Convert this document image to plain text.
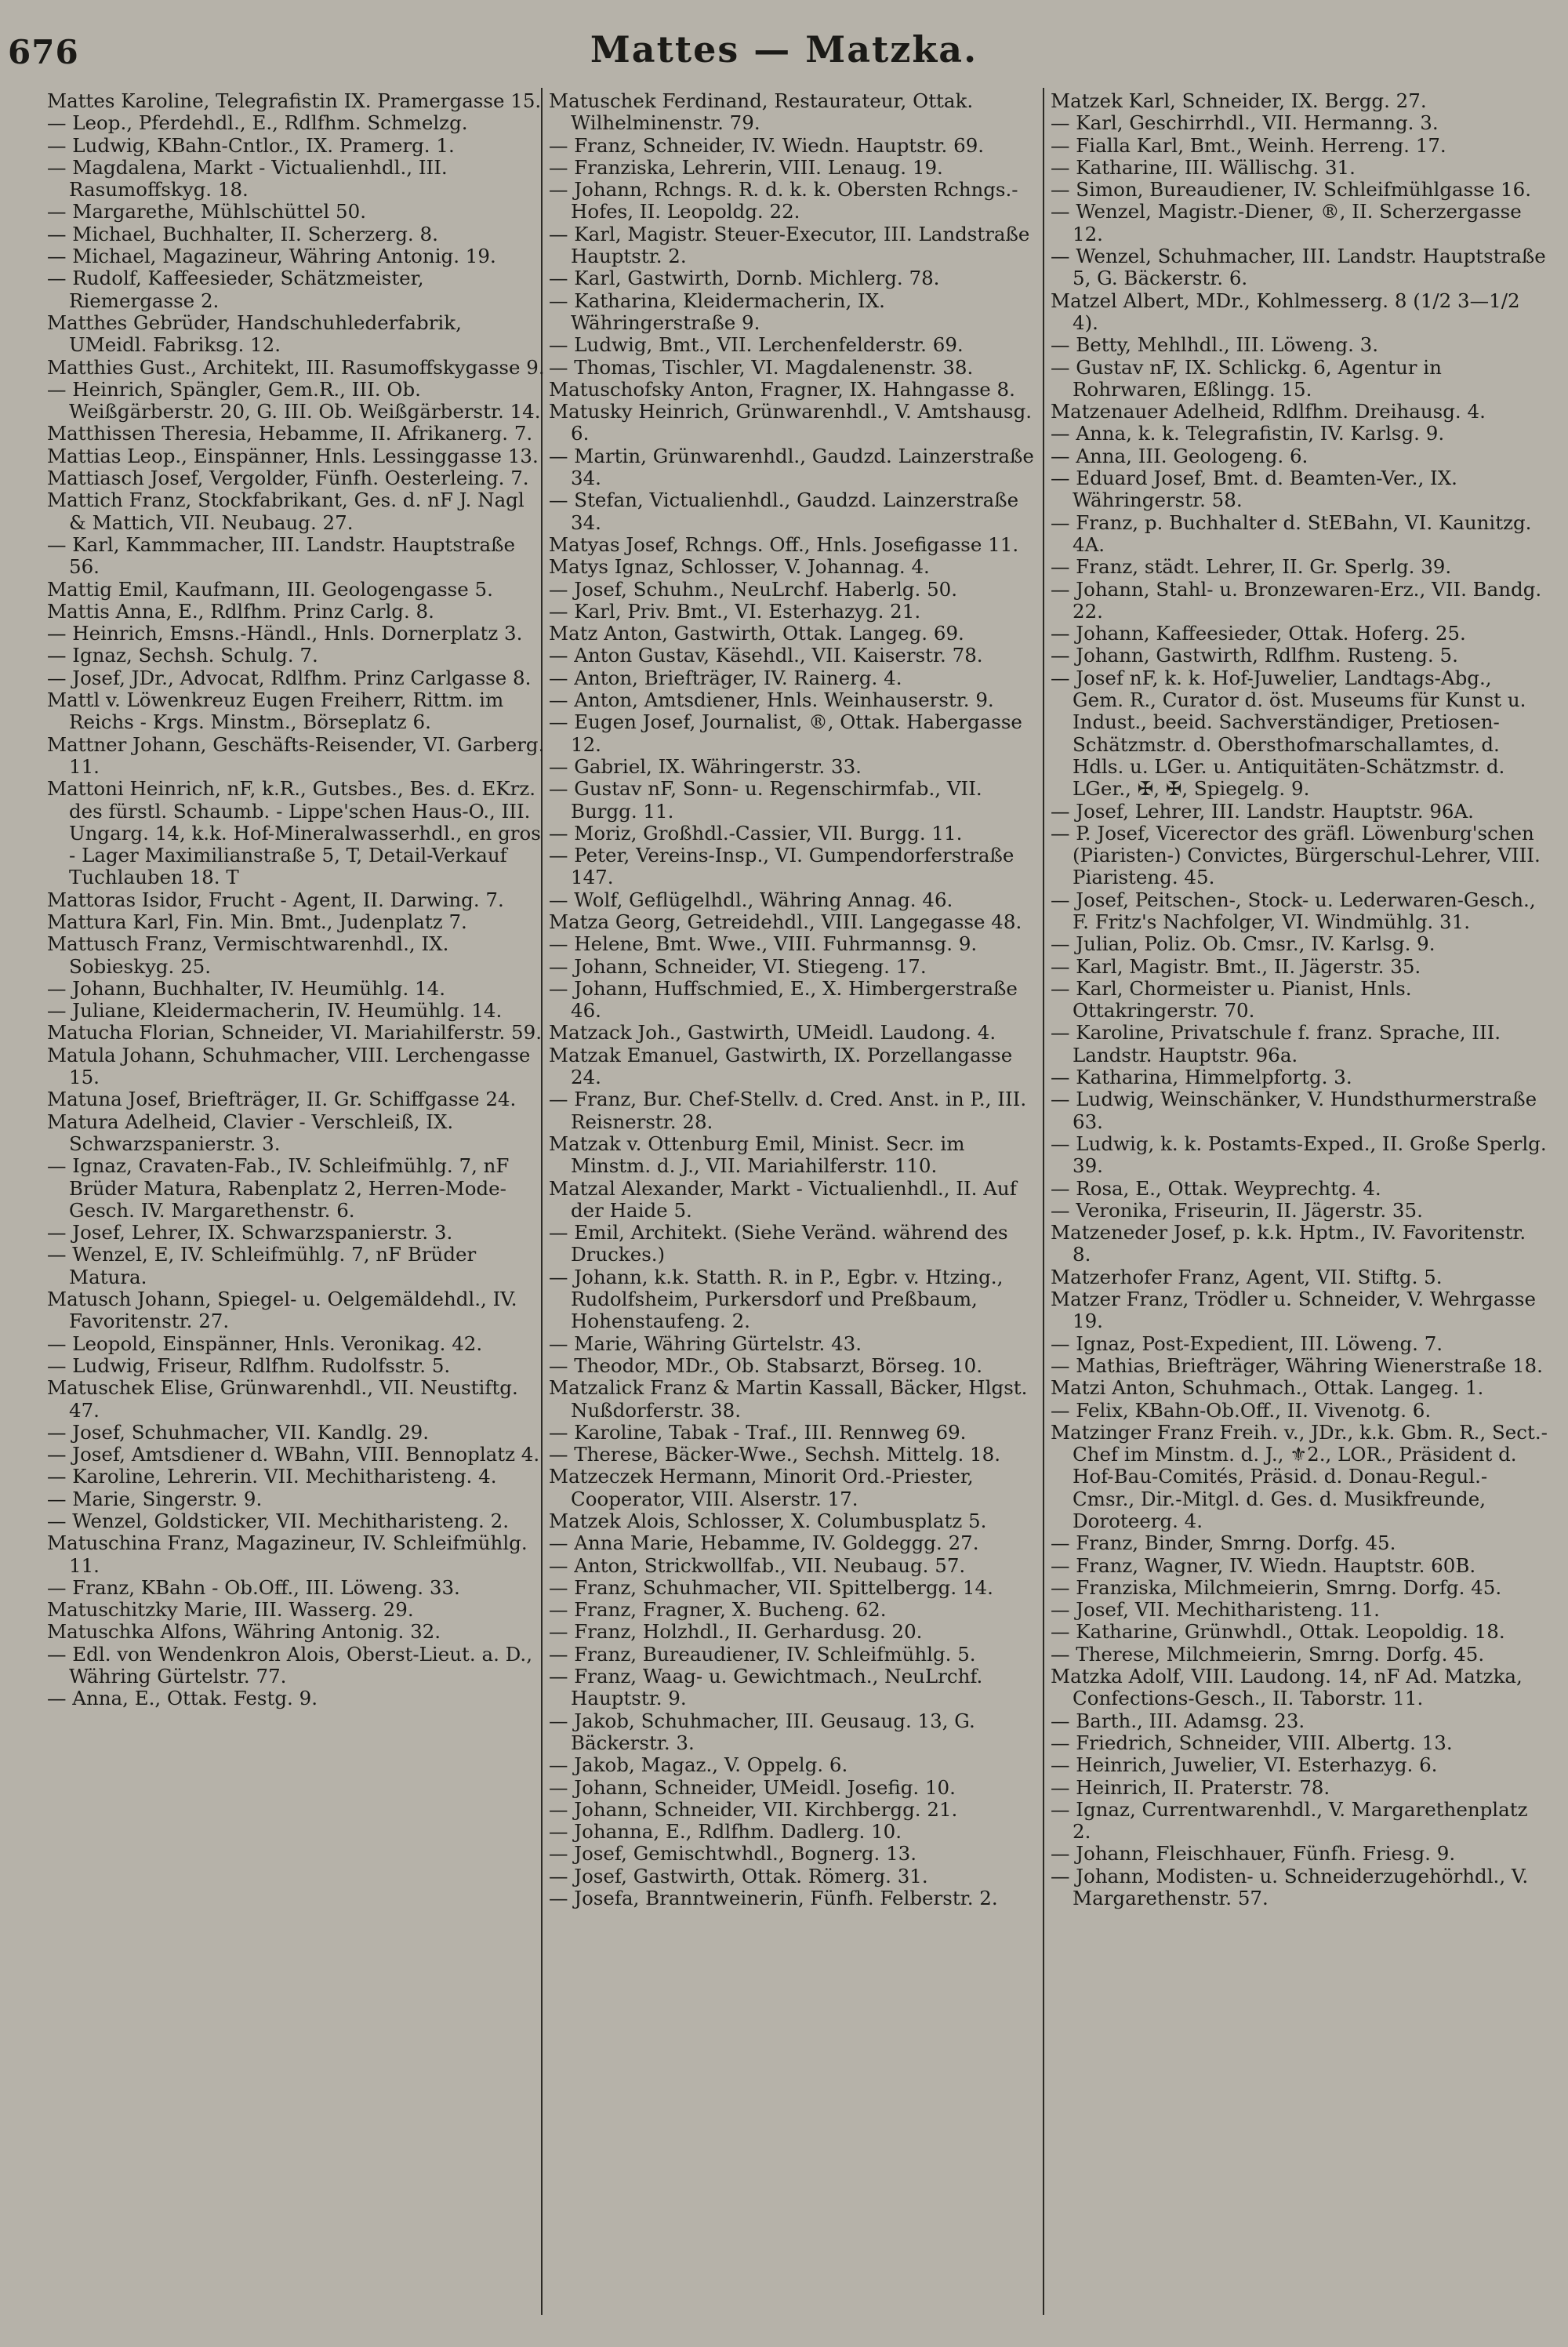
676	Mattes — Matzka.

Mattes Karoline, Telegrafistin IX. Pramergasse 15.

— Leop., Pferdehdl., E., Rdlfhm. Schmelzg.

— Ludwig, KBahn-Cntlor., IX. Pramerg. 1.

— Magdalena, Markt - Victualienhdl., III. Rasumoffskyg. 18.

— Margarethe, Mühlschüttel 50.

— Michael, Buchhalter, II. Scherzerg. 8.

— Michael, Magazineur, Währing Antonig. 19.

— Rudolf, Kaffeesieder, Schätzmeister, Riemergasse 2.

Matthes Gebrüder, Handschuhlederfabrik, UMeidl. Fabriksg. 12.

Matthies Gust., Architekt, III. Rasumoffskygasse 9.

— Heinrich, Spängler, Gem.R., III. Ob. Weißgärberstr. 20, G. III. Ob. Weißgärberstr. 14.

Matthissen Theresia, Hebamme, II. Afrikanerg. 7.

Mattias Leop., Einspänner, Hnls. Lessinggasse 13.

Mattiasch Josef, Vergolder, Fünfh. Oesterleing. 7.

Mattich Franz, Stockfabrikant, Ges. d. nF J. Nagl & Mattich, VII. Neubaug. 27.

— Karl, Kammmacher, III. Landstr. Hauptstraße 56.

Mattig Emil, Kaufmann, III. Geologengasse 5.

Mattis Anna, E., Rdlfhm. Prinz Carlg. 8.

— Heinrich, Emsns.-Händl., Hnls. Dornerplatz 3.

— Ignaz, Sechsh. Schulg. 7.

— Josef, JDr., Advocat, Rdlfhm. Prinz Carlgasse 8.

Mattl v. Löwenkreuz Eugen Freiherr, Rittm. im Reichs - Krgs. Minstm., Börseplatz 6.

Mattner Johann, Geschäfts-Reisender, VI. Garberg. 11.

Mattoni Heinrich, nF, k.R., Gutsbes., Bes. d. EKrz. des fürstl. Schaumb. - Lippe'schen Haus-O., III. Ungarg. 14, k.k. Hof-Mineralwasserhdl., en gros - Lager Maximilianstraße 5, T, Detail-Verkauf Tuchlauben 18. T

Mattoras Isidor, Frucht - Agent, II. Darwing. 7.

Mattura Karl, Fin. Min. Bmt., Judenplatz 7.

Mattusch Franz, Vermischtwarenhdl., IX. Sobieskyg. 25.

— Johann, Buchhalter, IV. Heumühlg. 14.

— Juliane, Kleidermacherin, IV. Heumühlg. 14.

Matucha Florian, Schneider, VI. Mariahilferstr. 59.

Matula Johann, Schuhmacher, VIII. Lerchengasse 15.

Matuna Josef, Briefträger, II. Gr. Schiffgasse 24.

Matura Adelheid, Clavier - Verschleiß, IX. Schwarzspanierstr. 3.

— Ignaz, Cravaten-Fab., IV. Schleifmühlg. 7, nF Brüder Matura, Rabenplatz 2, Herren-Mode-Gesch. IV. Margarethenstr. 6.

— Josef, Lehrer, IX. Schwarzspanierstr. 3.

— Wenzel, E, IV. Schleifmühlg. 7, nF Brüder Matura.

Matusch Johann, Spiegel- u. Oelgemäldehdl., IV. Favoritenstr. 27.

— Leopold, Einspänner, Hnls. Veronikag. 42.

— Ludwig, Friseur, Rdlfhm. Rudolfsstr. 5.

Matuschek Elise, Grünwarenhdl., VII. Neustiftg. 47.

— Josef, Schuhmacher, VII. Kandlg. 29.

— Josef, Amtsdiener d. WBahn, VIII. Bennoplatz 4.

— Karoline, Lehrerin. VII. Mechitharisteng. 4.

— Marie, Singerstr. 9.

— Wenzel, Goldsticker, VII. Mechitharisteng. 2.

Matuschina Franz, Magazineur, IV. Schleifmühlg. 11.

— Franz, KBahn - Ob.Off., III. Löweng. 33.

Matuschitzky Marie, III. Wasserg. 29.

Matuschka Alfons, Währing Antonig. 32.

— Edl. von Wendenkron Alois, Oberst-Lieut. a. D., Währing Gürtelstr. 77.

— Anna, E., Ottak. Festg. 9.

Matuschek Ferdinand, Restaurateur, Ottak. Wilhelminenstr. 79.

— Franz, Schneider, IV. Wiedn. Hauptstr. 69.

— Franziska, Lehrerin, VIII. Lenaug. 19.

— Johann, Rchngs. R. d. k. k. Obersten Rchngs.-Hofes, II. Leopoldg. 22.

— Karl, Magistr. Steuer-Executor, III. Landstraße Hauptstr. 2.

— Karl, Gastwirth, Dornb. Michlerg. 78.

— Katharina, Kleidermacherin, IX. Währingerstraße 9.

— Ludwig, Bmt., VII. Lerchenfelderstr. 69.

— Thomas, Tischler, VI. Magdalenenstr. 38.

Matuschofsky Anton, Fragner, IX. Hahngasse 8.

Matusky Heinrich, Grünwarenhdl., V. Amtshausg. 6.

— Martin, Grünwarenhdl., Gaudzd. Lainzerstraße 34.

— Stefan, Victualienhdl., Gaudzd. Lainzerstraße 34.

Matyas Josef, Rchngs. Off., Hnls. Josefigasse 11.

Matys Ignaz, Schlosser, V. Johannag. 4.

— Josef, Schuhm., NeuLrchf. Haberlg. 50.

— Karl, Priv. Bmt., VI. Esterhazyg. 21.

Matz Anton, Gastwirth, Ottak. Langeg. 69.

— Anton Gustav, Käsehdl., VII. Kaiserstr. 78.

— Anton, Briefträger, IV. Rainerg. 4.

— Anton, Amtsdiener, Hnls. Weinhauserstr. 9.

— Eugen Josef, Journalist, ®, Ottak. Habergasse 12.

— Gabriel, IX. Währingerstr. 33.

— Gustav nF, Sonn- u. Regenschirmfab., VII. Burgg. 11.

— Moriz, Großhdl.-Cassier, VII. Burgg. 11.

— Peter, Vereins-Insp., VI. Gumpendorferstraße 147.

— Wolf, Geflügelhdl., Währing Annag. 46.

Matza Georg, Getreidehdl., VIII. Langegasse 48.

— Helene, Bmt. Wwe., VIII. Fuhrmannsg. 9.

— Johann, Schneider, VI. Stiegeng. 17.

— Johann, Huffschmied, E., X. Himbergerstraße 46.

Matzack Joh., Gastwirth, UMeidl. Laudong. 4.

Matzak Emanuel, Gastwirth, IX. Porzellangasse 24.

— Franz, Bur. Chef-Stellv. d. Cred. Anst. in P., III. Reisnerstr. 28.

Matzak v. Ottenburg Emil, Minist. Secr. im Minstm. d. J., VII. Mariahilferstr. 110.

Matzal Alexander, Markt - Victualienhdl., II. Auf der Haide 5.

— Emil, Architekt. (Siehe Veränd. während des Druckes.)

— Johann, k.k. Statth. R. in P., Egbr. v. Htzing., Rudolfsheim, Purkersdorf und Preßbaum, Hohenstaufeng. 2.

— Marie, Währing Gürtelstr. 43.

— Theodor, MDr., Ob. Stabsarzt, Börseg. 10.

Matzalick Franz & Martin Kassall, Bäcker, Hlgst. Nußdorferstr. 38.

— Karoline, Tabak - Traf., III. Rennweg 69.

— Therese, Bäcker-Wwe., Sechsh. Mittelg. 18.

Matzeczek Hermann, Minorit Ord.-Priester, Cooperator, VIII. Alserstr. 17.

Matzek Alois, Schlosser, X. Columbusplatz 5.

— Anna Marie, Hebamme, IV. Goldeggg. 27.

— Anton, Strickwollfab., VII. Neubaug. 57.

— Franz, Schuhmacher, VII. Spittelbergg. 14.

— Franz, Fragner, X. Bucheng. 62.

— Franz, Holzhdl., II. Gerhardusg. 20.

— Franz, Bureaudiener, IV. Schleifmühlg. 5.

— Franz, Waag- u. Gewichtmach., NeuLrchf. Hauptstr. 9.

— Jakob, Schuhmacher, III. Geusaug. 13, G. Bäckerstr. 3.

— Jakob, Magaz., V. Oppelg. 6.

— Johann, Schneider, UMeidl. Josefig. 10.

— Johann, Schneider, VII. Kirchbergg. 21.

— Johanna, E., Rdlfhm. Dadlerg. 10.

— Josef, Gemischtwhdl., Bognerg. 13.

— Josef, Gastwirth, Ottak. Römerg. 31.

— Josefa, Branntweinerin, Fünfh. Felberstr. 2.

Matzek Karl, Schneider, IX. Bergg. 27.

— Karl, Geschirrhdl., VII. Hermanng. 3.

— Fialla Karl, Bmt., Weinh. Herreng. 17.

— Katharine, III. Wällischg. 31.

— Simon, Bureaudiener, IV. Schleifmühlgasse 16.

— Wenzel, Magistr.-Diener, ®, II. Scherzergasse 12.

— Wenzel, Schuhmacher, III. Landstr. Hauptstraße 5, G. Bäckerstr. 6.

Matzel Albert, MDr., Kohlmesserg. 8 (1/2 3—1/2 4).

— Betty, Mehlhdl., III. Löweng. 3.

— Gustav nF, IX. Schlickg. 6, Agentur in Rohrwaren, Eßlingg. 15.

Matzenauer Adelheid, Rdlfhm. Dreihausg. 4.

— Anna, k. k. Telegrafistin, IV. Karlsg. 9.

— Anna, III. Geologeng. 6.

— Eduard Josef, Bmt. d. Beamten-Ver., IX. Währingerstr. 58.

— Franz, p. Buchhalter d. StEBahn, VI. Kaunitzg. 4A.

— Franz, städt. Lehrer, II. Gr. Sperlg. 39.

— Johann, Stahl- u. Bronzewaren-Erz., VII. Bandg. 22.

— Johann, Kaffeesieder, Ottak. Hoferg. 25.

— Johann, Gastwirth, Rdlfhm. Rusteng. 5.

— Josef nF, k. k. Hof-Juwelier, Landtags-Abg., Gem. R., Curator d. öst. Museums für Kunst u. Indust., beeid. Sachverständiger, Pretiosen-Schätzmstr. d. Obersthofmarschallamtes, d. Hdls. u. LGer. u. Antiquitäten-Schätzmstr. d. LGer., ✠, ✠, Spiegelg. 9.

— Josef, Lehrer, III. Landstr. Hauptstr. 96A.

— P. Josef, Vicerector des gräfl. Löwenburg'schen (Piaristen-) Convictes, Bürgerschul-Lehrer, VIII. Piaristeng. 45.

— Josef, Peitschen-, Stock- u. Lederwaren-Gesch., F. Fritz's Nachfolger, VI. Windmühlg. 31.

— Julian, Poliz. Ob. Cmsr., IV. Karlsg. 9.

— Karl, Magistr. Bmt., II. Jägerstr. 35.

— Karl, Chormeister u. Pianist, Hnls. Ottakringerstr. 70.

— Karoline, Privatschule f. franz. Sprache, III. Landstr. Hauptstr. 96a.

— Katharina, Himmelpfortg. 3.

— Ludwig, Weinschänker, V. Hundsthurmerstraße 63.

— Ludwig, k. k. Postamts-Exped., II. Große Sperlg. 39.

— Rosa, E., Ottak. Weyprechtg. 4.

— Veronika, Friseurin, II. Jägerstr. 35.

Matzeneder Josef, p. k.k. Hptm., IV. Favoritenstr. 8.

Matzerhofer Franz, Agent, VII. Stiftg. 5.

Matzer Franz, Trödler u. Schneider, V. Wehrgasse 19.

— Ignaz, Post-Expedient, III. Löweng. 7.

— Mathias, Briefträger, Währing Wienerstraße 18.

Matzi Anton, Schuhmach., Ottak. Langeg. 1.

— Felix, KBahn-Ob.Off., II. Vivenotg. 6.

Matzinger Franz Freih. v., JDr., k.k. Gbm. R., Sect.-Chef im Minstm. d. J., ⚜2., LOR., Präsident d. Hof-Bau-Comités, Präsid. d. Donau-Regul.-Cmsr., Dir.-Mitgl. d. Ges. d. Musikfreunde, Doroteerg. 4.

— Franz, Binder, Smrng. Dorfg. 45.

— Franz, Wagner, IV. Wiedn. Hauptstr. 60B.

— Franziska, Milchmeierin, Smrng. Dorfg. 45.

— Josef, VII. Mechitharisteng. 11.

— Katharine, Grünwhdl., Ottak. Leopoldig. 18.

— Therese, Milchmeierin, Smrng. Dorfg. 45.

Matzka Adolf, VIII. Laudong. 14, nF Ad. Matzka, Confections-Gesch., II. Taborstr. 11.

— Barth., III. Adamsg. 23.

— Friedrich, Schneider, VIII. Albertg. 13.

— Heinrich, Juwelier, VI. Esterhazyg. 6.

— Heinrich, II. Praterstr. 78.

— Ignaz, Currentwarenhdl., V. Margarethenplatz 2.

— Johann, Fleischhauer, Fünfh. Friesg. 9.

— Johann, Modisten- u. Schneiderzugehörhdl., V. Margarethenstr. 57.
